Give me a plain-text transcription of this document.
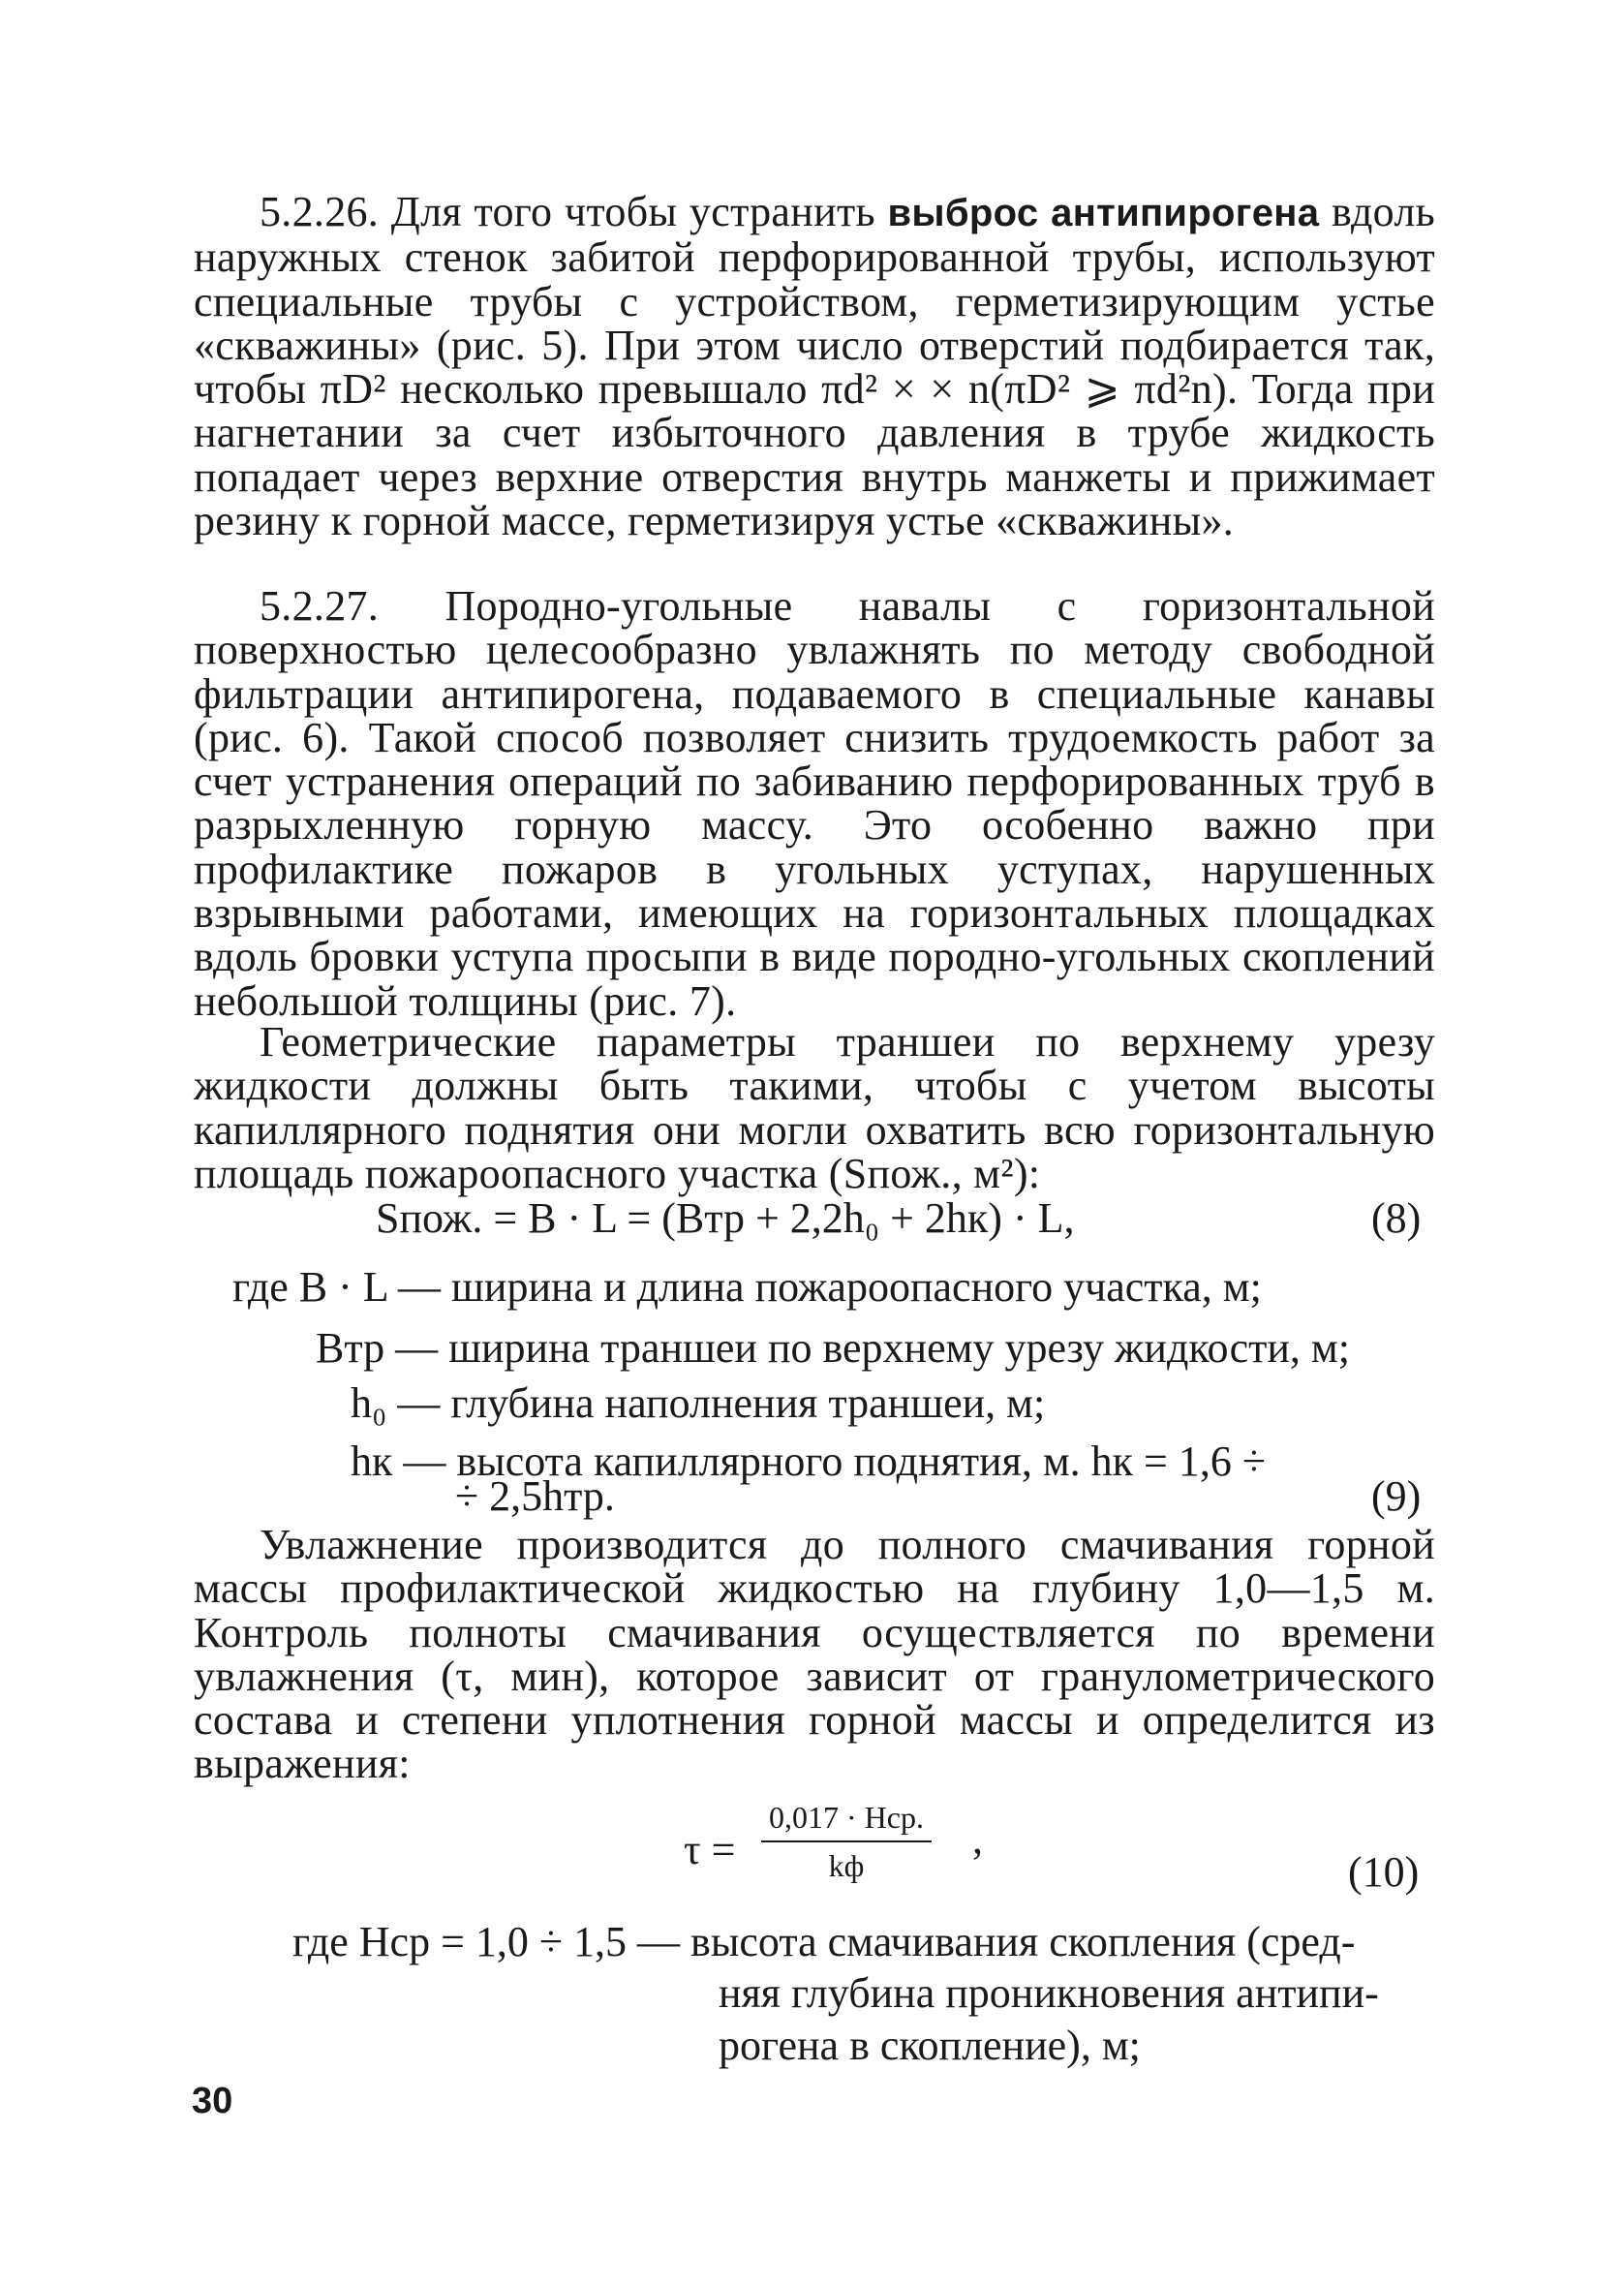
5.2.26. Для того чтобы устранить выброс антипирогена вдоль наружных стенок забитой перфорированной трубы, используют специальные трубы с устройством, герметизирующим устье «скважины» (рис. 5). При этом число отверстий подбирается так, чтобы πD² несколько превышало πd² × × n(πD² ⩾ πd²n). Тогда при нагнетании за счет избыточного давления в трубе жидкость попадает через верхние отверстия внутрь манжеты и прижимает резину к горной массе, герметизируя устье «скважины».

5.2.27. Породно-угольные навалы с горизонтальной поверхностью целесообразно увлажнять по методу свободной фильтрации антипирогена, подаваемого в специальные канавы (рис. 6). Такой способ позволяет снизить трудоемкость работ за счет устранения операций по забиванию перфорированных труб в разрыхленную горную массу. Это особенно важно при профилактике пожаров в угольных уступах, нарушенных взрывными работами, имеющих на горизонтальных площадках вдоль бровки уступа просыпи в виде породно-угольных скоплений небольшой толщины (рис. 7).

Геометрические параметры траншеи по верхнему урезу жидкости должны быть такими, чтобы с учетом высоты капиллярного поднятия они могли охватить всю горизонтальную площадь пожароопасного участка (Sпож., м²):

Sпож. = B · L = (Bтр + 2,2h₀ + 2hк) · L,	(8)
где B · L — ширина и длина пожароопасного участка, м;
Bтр — ширина траншеи по верхнему урезу жидкости, м;
h₀ — глубина наполнения траншеи, м;
hк — высота капиллярного поднятия, м. hк = 1,6 ÷
÷ 2,5hтр.	(9)

Увлажнение производится до полного смачивания горной массы профилактической жидкостью на глубину 1,0—1,5 м. Контроль полноты смачивания осуществляется по времени увлажнения (τ, мин), которое зависит от гранулометрического состава и степени уплотнения горной массы и определится из выражения:

τ =
0,017 · Hср.
kф
,
(10)
где Hср = 1,0 ÷ 1,5 — высота смачивания скопления (сред-
няя глубина проникновения антипи-
рогена в скопление), м;
30
